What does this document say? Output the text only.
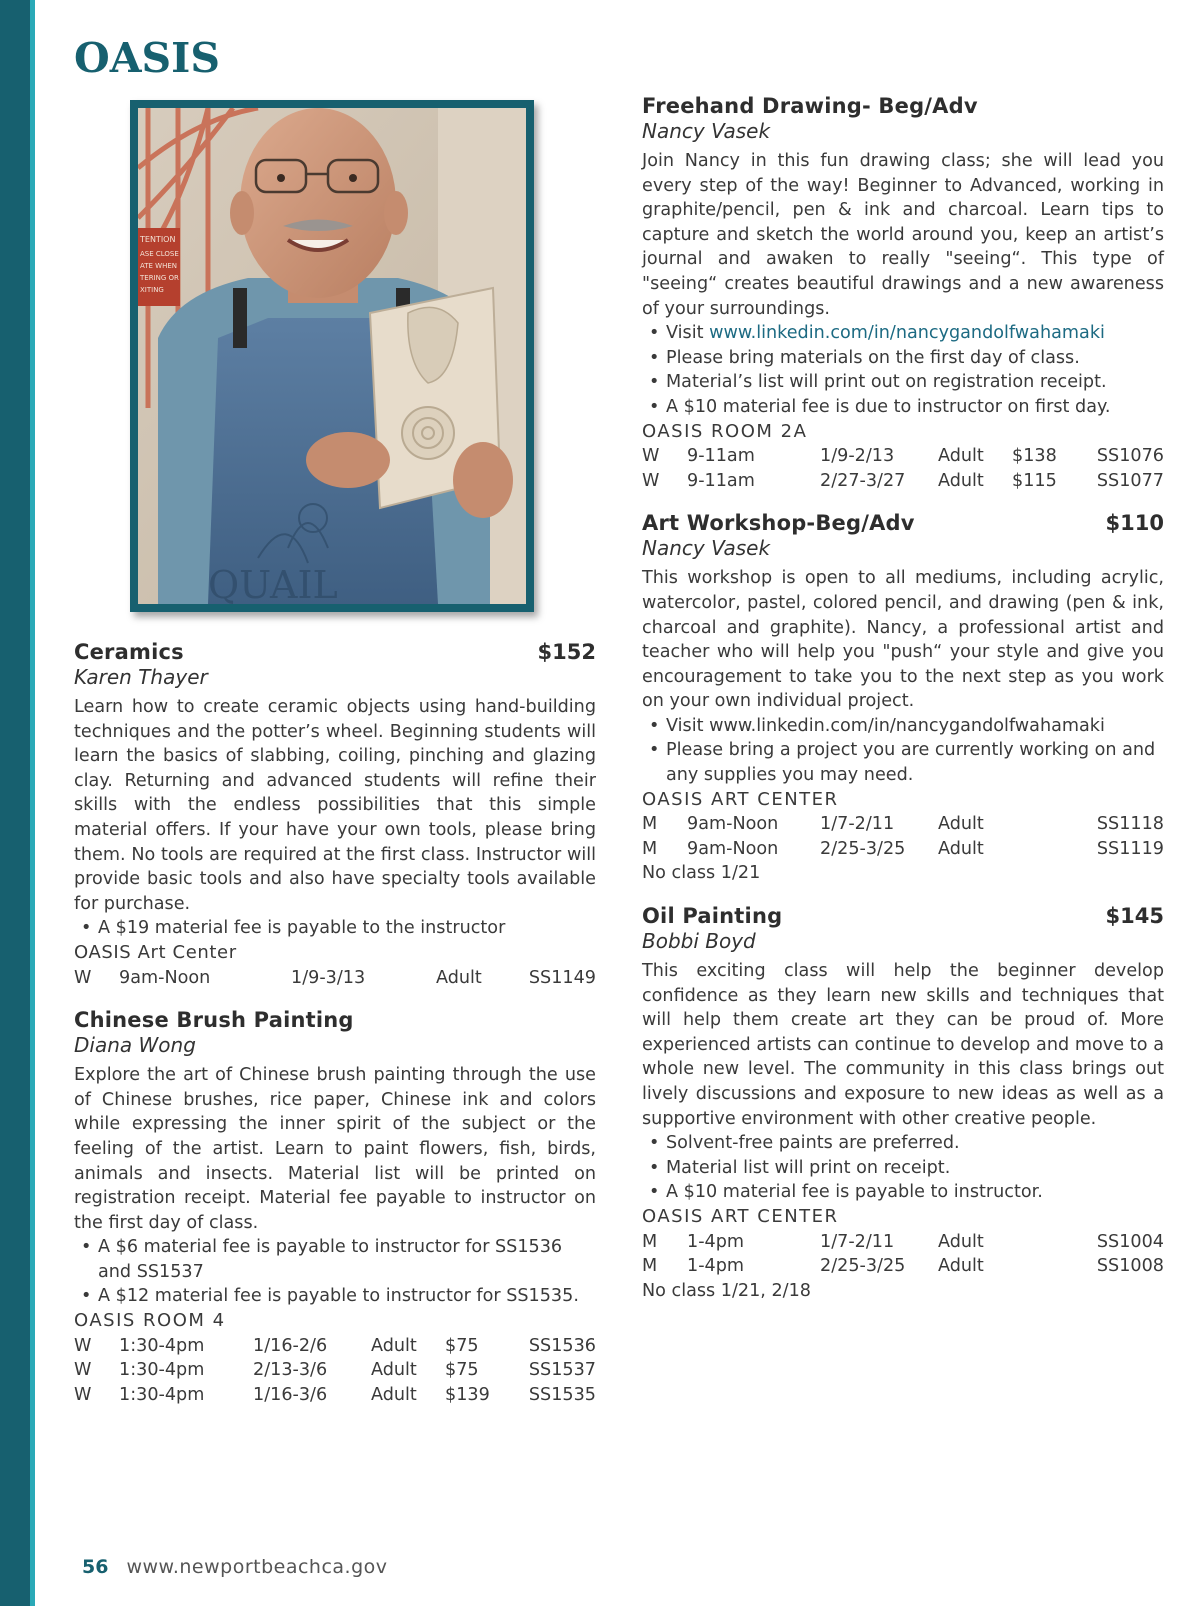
OASIS
TENTION
ASE CLOSE
ATE WHEN
TERING OR
XITING
QUAIL
Ceramics	$152
Karen Thayer

Learn how to create ceramic objects using hand-building techniques and the potter’s wheel. Beginning students will learn the basics of slabbing, coiling, pinching and glazing clay. Returning and advanced students will refine their skills with the endless possibilities that this simple material offers. If your have your own tools, please bring them. No tools are required at the first class. Instructor will provide basic tools and also have specialty tools available for purchase.

• A $19 material fee is payable to the instructor
OASIS Art Center
W	9am-Noon	1/9-3/13	Adult	SS1149
Chinese Brush Painting
Diana Wong

Explore the art of Chinese brush painting through the use of Chinese brushes, rice paper, Chinese ink and colors while expressing the inner spirit of the subject or the feeling of the artist. Learn to paint flowers, fish, birds, animals and insects. Material list will be printed on registration receipt. Material fee payable to instructor on the first day of class.

• A $6 material fee is payable to instructor for SS1536 and SS1537
• A $12 material fee is payable to instructor for SS1535.
OASIS ROOM 4
W	1:30-4pm	1/16-2/6	Adult	$75	SS1536
W	1:30-4pm	2/13-3/6	Adult	$75	SS1537
W	1:30-4pm	1/16-3/6	Adult	$139	SS1535
Freehand Drawing- Beg/Adv
Nancy Vasek

Join Nancy in this fun drawing class; she will lead you every step of the way! Beginner to Advanced, working in graphite/pencil, pen & ink and charcoal. Learn tips to capture and sketch the world around you, keep an artist’s journal and awaken to really "seeing“. This type of "seeing“ creates beautiful drawings and a new awareness of your surroundings.

• Visit www.linkedin.com/in/nancygandolfwahamaki
• Please bring materials on the first day of class.
• Material’s list will print out on registration receipt.
• A $10 material fee is due to instructor on first day.
OASIS ROOM 2A
W	9-11am	1/9-2/13	Adult	$138	SS1076
W	9-11am	2/27-3/27	Adult	$115	SS1077
Art Workshop-Beg/Adv	$110
Nancy Vasek

This workshop is open to all mediums, including acrylic, watercolor, pastel, colored pencil, and drawing (pen & ink, charcoal and graphite). Nancy, a professional artist and teacher who will help you "push“ your style and give you encouragement to take you to the next step as you work on your own individual project.

• Visit www.linkedin.com/in/nancygandolfwahamaki
• Please bring a project you are currently working on and any supplies you may need.
OASIS ART CENTER
M	9am-Noon	1/7-2/11	Adult	SS1118
M	9am-Noon	2/25-3/25	Adult	SS1119
No class 1/21
Oil Painting	$145
Bobbi Boyd

This exciting class will help the beginner develop confidence as they learn new skills and techniques that will help them create art they can be proud of. More experienced artists can continue to develop and move to a whole new level. The community in this class brings out lively discussions and exposure to new ideas as well as a supportive environment with other creative people.

• Solvent-free paints are preferred.
• Material list will print on receipt.
• A $10 material fee is payable to instructor.
OASIS ART CENTER
M	1-4pm	1/7-2/11	Adult	SS1004
M	1-4pm	2/25-3/25	Adult	SS1008
No class 1/21, 2/18
56 www.newportbeachca.gov
